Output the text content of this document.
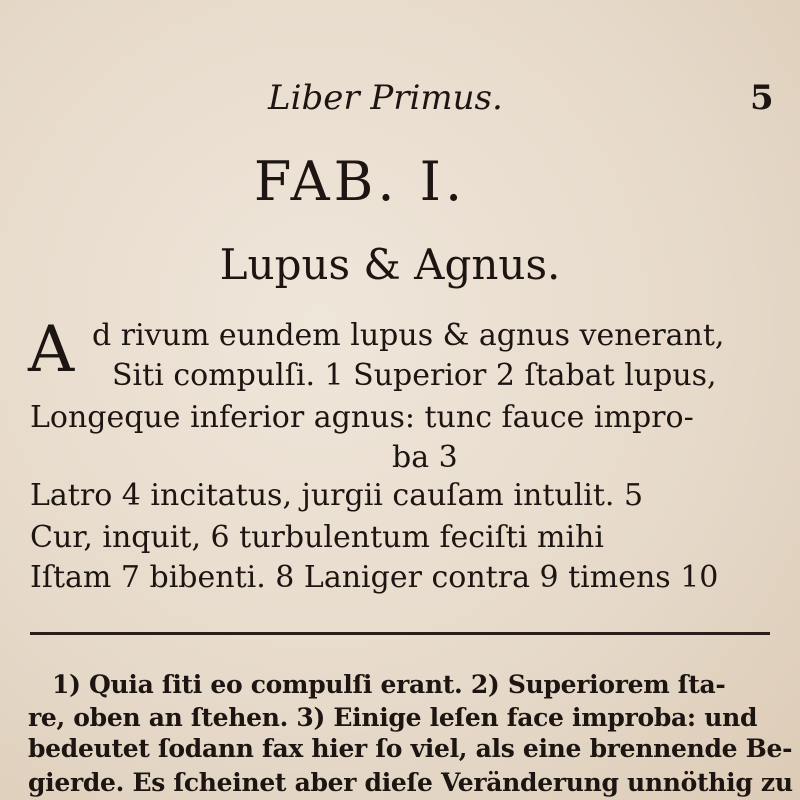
Liber Primus.	5
FAB. I.
Lupus & Agnus.
A d rivum eundem lupus & agnus venerant,
Siti compulſi. 1 Superior 2 ſtabat lupus,
Longeque inferior agnus: tunc fauce impro-
ba 3
Latro 4 incitatus, jurgii cauſam intulit. 5
Cur, inquit, 6 turbulentum feciſti mihi
Iſtam 7 bibenti. 8 Laniger contra 9 timens 10
1) Quia ſiti eo compulſi erant. 2) Superiorem ſta-
re, oben an ſtehen. 3) Einige leſen face improba: und
bedeutet ſodann fax hier ſo viel, als eine brennende Be-
gierde. Es ſcheinet aber dieſe Veränderung unnöthig zu
